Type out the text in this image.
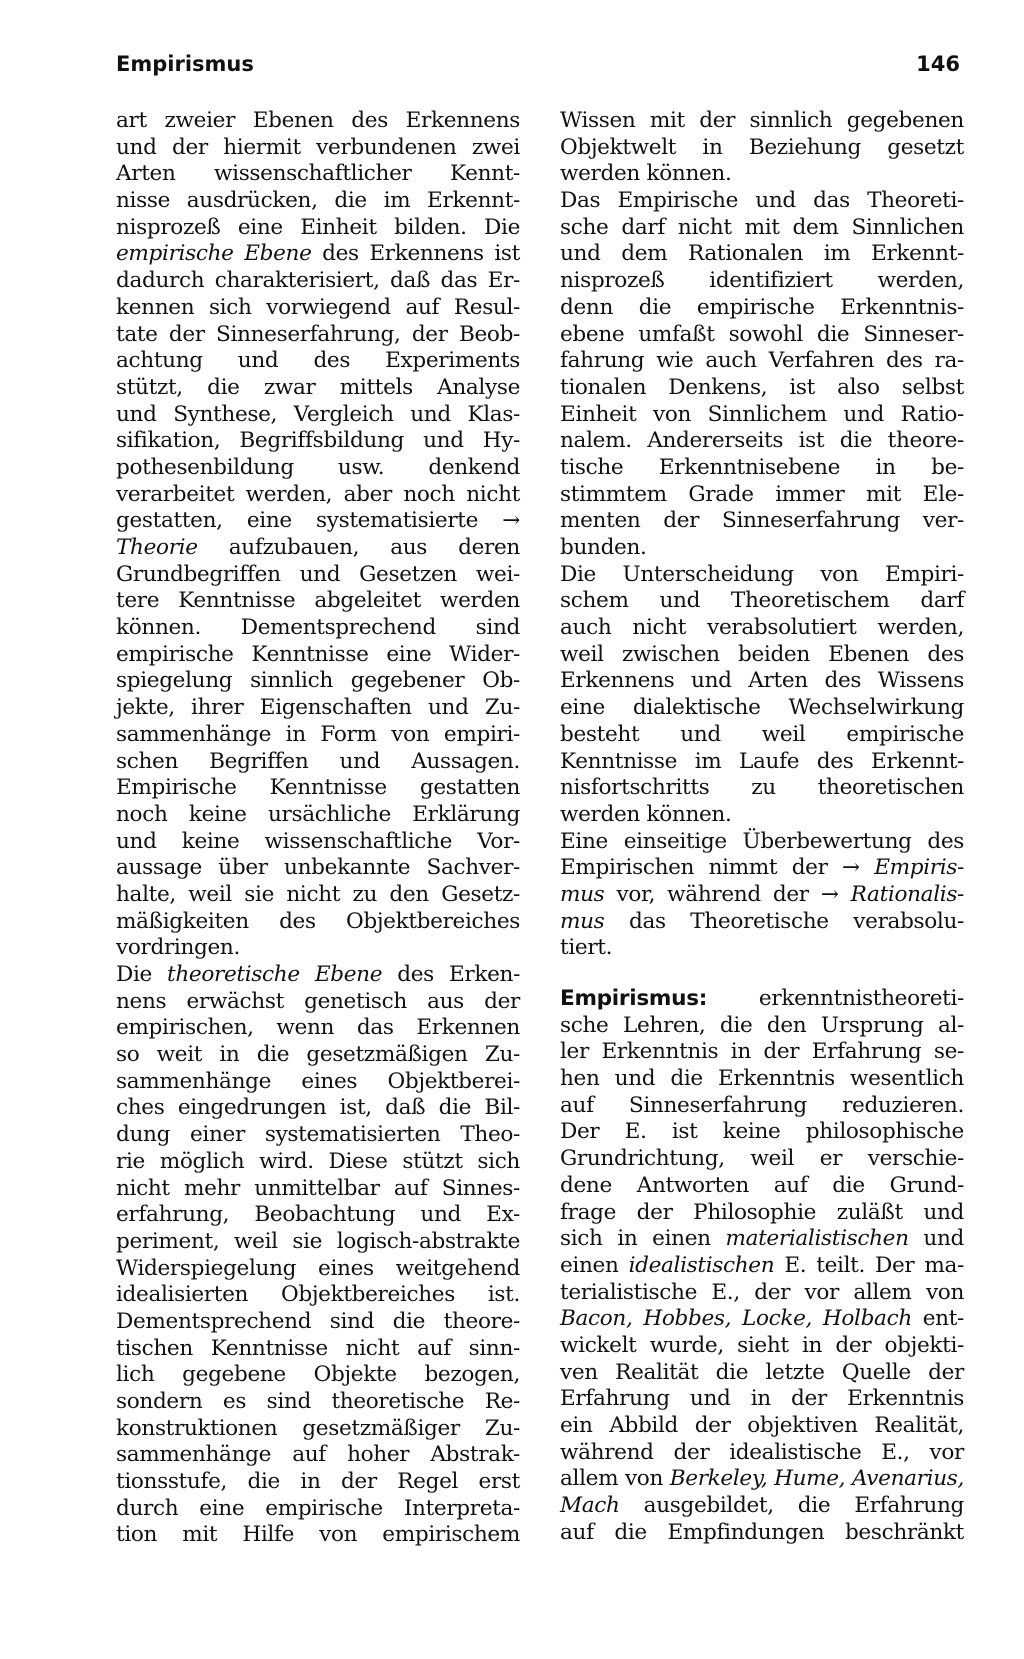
Empirismus	146
art zweier Ebenen des Erkennens
und der hiermit verbundenen zwei
Arten wissenschaftlicher Kennt-
nisse ausdrücken, die im Erkennt-
nisprozeß eine Einheit bilden. Die
empirische Ebene des Erkennens ist
dadurch charakterisiert, daß das Er-
kennen sich vorwiegend auf Resul-
tate der Sinneserfahrung, der Beob-
achtung und des Experiments
stützt, die zwar mittels Analyse
und Synthese, Vergleich und Klas-
sifikation, Begriffsbildung und Hy-
pothesenbildung usw. denkend
verarbeitet werden, aber noch nicht
gestatten, eine systematisierte →
Theorie aufzubauen, aus deren
Grundbegriffen und Gesetzen wei-
tere Kenntnisse abgeleitet werden
können. Dementsprechend sind
empirische Kenntnisse eine Wider-
spiegelung sinnlich gegebener Ob-
jekte, ihrer Eigenschaften und Zu-
sammenhänge in Form von empiri-
schen Begriffen und Aussagen.
Empirische Kenntnisse gestatten
noch keine ursächliche Erklärung
und keine wissenschaftliche Vor-
aussage über unbekannte Sachver-
halte, weil sie nicht zu den Gesetz-
mäßigkeiten des Objektbereiches
vordringen.
Die theoretische Ebene des Erken-
nens erwächst genetisch aus der
empirischen, wenn das Erkennen
so weit in die gesetzmäßigen Zu-
sammenhänge eines Objektberei-
ches eingedrungen ist, daß die Bil-
dung einer systematisierten Theo-
rie möglich wird. Diese stützt sich
nicht mehr unmittelbar auf Sinnes-
erfahrung, Beobachtung und Ex-
periment, weil sie logisch-abstrakte
Widerspiegelung eines weitgehend
idealisierten Objektbereiches ist.
Dementsprechend sind die theore-
tischen Kenntnisse nicht auf sinn-
lich gegebene Objekte bezogen,
sondern es sind theoretische Re-
konstruktionen gesetzmäßiger Zu-
sammenhänge auf hoher Abstrak-
tionsstufe, die in der Regel erst
durch eine empirische Interpreta-
tion mit Hilfe von empirischem
Wissen mit der sinnlich gegebenen
Objektwelt in Beziehung gesetzt
werden können.
Das Empirische und das Theoreti-
sche darf nicht mit dem Sinnlichen
und dem Rationalen im Erkennt-
nisprozeß identifiziert werden,
denn die empirische Erkenntnis-
ebene umfaßt sowohl die Sinneser-
fahrung wie auch Verfahren des ra-
tionalen Denkens, ist also selbst
Einheit von Sinnlichem und Ratio-
nalem. Andererseits ist die theore-
tische Erkenntnisebene in be-
stimmtem Grade immer mit Ele-
menten der Sinneserfahrung ver-
bunden.
Die Unterscheidung von Empiri-
schem und Theoretischem darf
auch nicht verabsolutiert werden,
weil zwischen beiden Ebenen des
Erkennens und Arten des Wissens
eine dialektische Wechselwirkung
besteht und weil empirische
Kenntnisse im Laufe des Erkennt-
nisfortschritts zu theoretischen
werden können.
Eine einseitige Überbewertung des
Empirischen nimmt der → Empiris-
mus vor, während der → Rationalis-
mus das Theoretische verabsolu-
tiert.
Empirismus: erkenntnistheoreti-
sche Lehren, die den Ursprung al-
ler Erkenntnis in der Erfahrung se-
hen und die Erkenntnis wesentlich
auf Sinneserfahrung reduzieren.
Der E. ist keine philosophische
Grundrichtung, weil er verschie-
dene Antworten auf die Grund-
frage der Philosophie zuläßt und
sich in einen materialistischen und
einen idealistischen E. teilt. Der ma-
terialistische E., der vor allem von
Bacon, Hobbes, Locke, Holbach ent-
wickelt wurde, sieht in der objekti-
ven Realität die letzte Quelle der
Erfahrung und in der Erkenntnis
ein Abbild der objektiven Realität,
während der idealistische E., vor
allem von Berkeley, Hume, Avenarius,
Mach ausgebildet, die Erfahrung
auf die Empfindungen beschränkt
